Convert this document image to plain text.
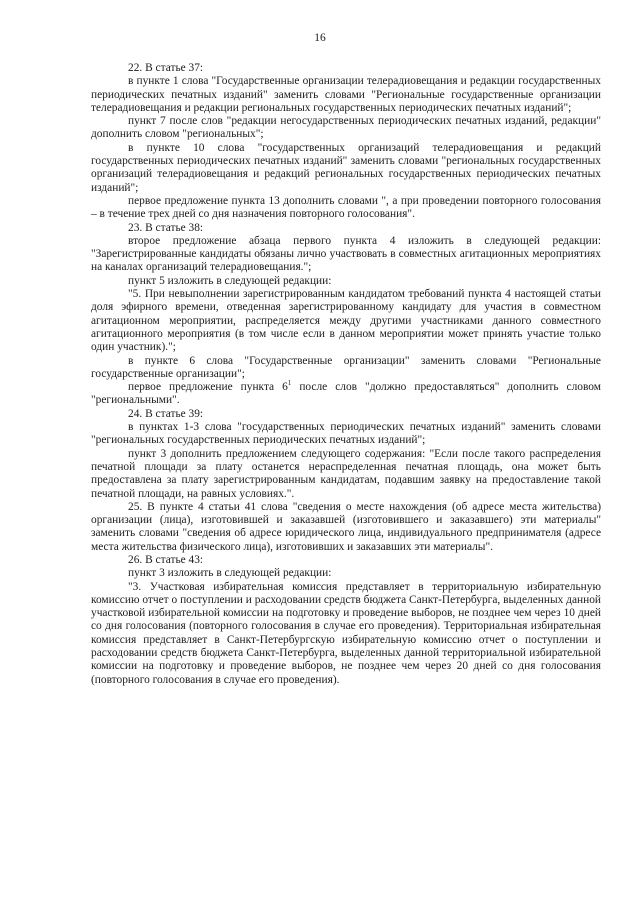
16

22. В статье 37:

в пункте 1 слова "Государственные организации телерадиовещания и редакции государственных периодических печатных изданий" заменить словами "Региональные государственные организации телерадиовещания и редакции региональных государственных периодических печатных изданий";

пункт 7 после слов "редакции негосударственных периодических печатных изданий, редакции" дополнить словом "региональных";

в пункте 10 слова "государственных организаций телерадиовещания и редакций государственных периодических печатных изданий" заменить словами "региональных государственных организаций телерадиовещания и редакций региональных государственных периодических печатных изданий";

первое предложение пункта 13 дополнить словами ", а при проведении повторного голосования – в течение трех дней со дня назначения повторного голосования".

23. В статье 38:

второе предложение абзаца первого пункта 4 изложить в следующей редакции: "Зарегистрированные кандидаты обязаны лично участвовать в совместных агитационных мероприятиях на каналах организаций телерадиовещания.";

пункт 5 изложить в следующей редакции:

"5. При невыполнении зарегистрированным кандидатом требований пункта 4 настоящей статьи доля эфирного времени, отведенная зарегистрированному кандидату для участия в совместном агитационном мероприятии, распределяется между другими участниками данного совместного агитационного мероприятия (в том числе если в данном мероприятии может принять участие только один участник).";

в пункте 6 слова "Государственные организации" заменить словами "Региональные государственные организации";

первое предложение пункта $6^1$ после слов "должно предоставляться" дополнить словом "региональными".

24. В статье 39:

в пунктах 1-3 слова "государственных периодических печатных изданий" заменить словами "региональных государственных периодических печатных изданий";

пункт 3 дополнить предложением следующего содержания: "Если после такого распределения печатной площади за плату останется нераспределенная печатная площадь, она может быть предоставлена за плату зарегистрированным кандидатам, подавшим заявку на предоставление такой печатной площади, на равных условиях.".

25. В пункте 4 статьи 41 слова "сведения о месте нахождения (об адресе места жительства) организации (лица), изготовившей и заказавшей (изготовившего и заказавшего) эти материалы" заменить словами "сведения об адресе юридического лица, индивидуального предпринимателя (адресе места жительства физического лица), изготовивших и заказавших эти материалы".

26. В статье 43:

пункт 3 изложить в следующей редакции:

"3. Участковая избирательная комиссия представляет в территориальную избирательную комиссию отчет о поступлении и расходовании средств бюджета Санкт-Петербурга, выделенных данной участковой избирательной комиссии на подготовку и проведение выборов, не позднее чем через 10 дней со дня голосования (повторного голосования в случае его проведения). Территориальная избирательная комиссия представляет в Санкт-Петербургскую избирательную комиссию отчет о поступлении и расходовании средств бюджета Санкт-Петербурга, выделенных данной территориальной избирательной комиссии на подготовку и проведение выборов, не позднее чем через 20 дней со дня голосования (повторного голосования в случае его проведения).
